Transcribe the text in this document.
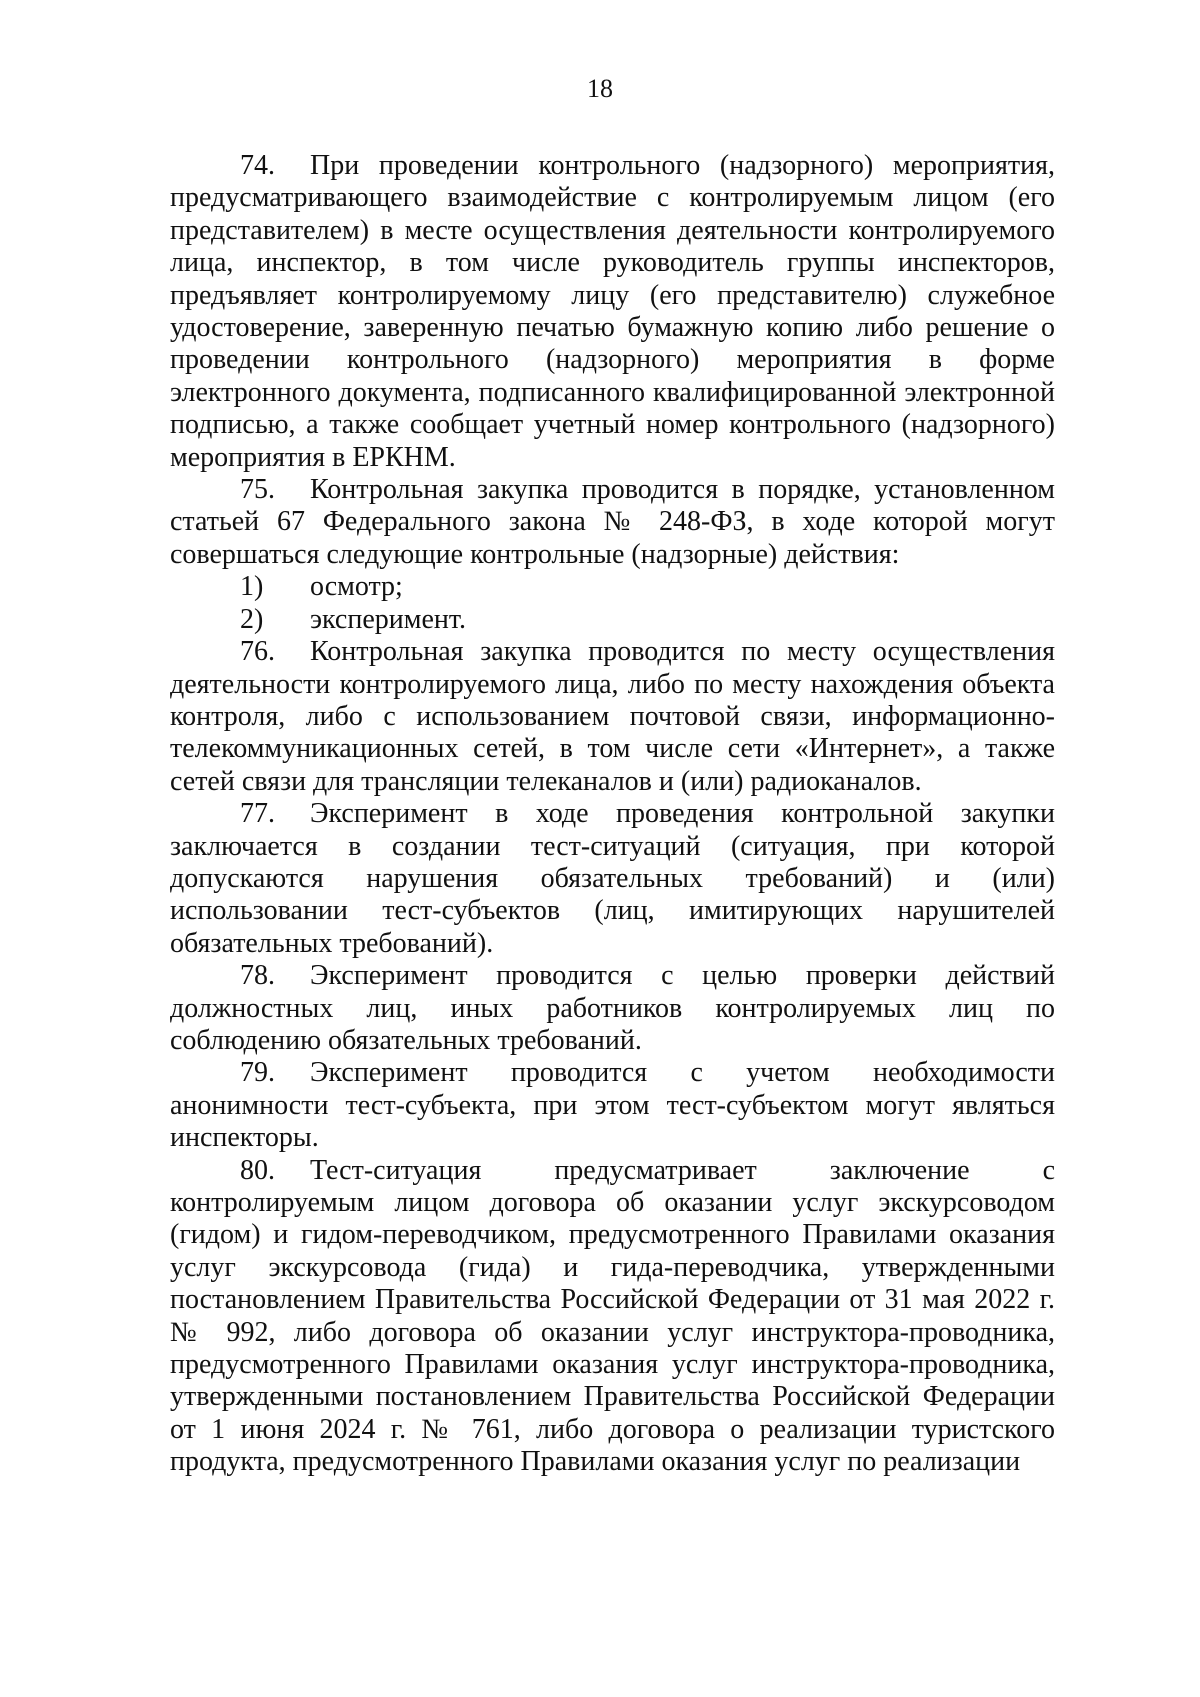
18

74. При проведении контрольного (надзорного) мероприятия, предусматривающего взаимодействие с контролируемым лицом (его представителем) в месте осуществления деятельности контролируемого лица, инспектор, в том числе руководитель группы инспекторов, предъявляет контролируемому лицу (его представителю) служебное удостоверение, заверенную печатью бумажную копию либо решение о проведении контрольного (надзорного) мероприятия в форме электронного документа, подписанного квалифицированной электронной подписью, а также сообщает учетный номер контрольного (надзорного) мероприятия в ЕРКНМ.

75. Контрольная закупка проводится в порядке, установленном статьей 67 Федерального закона № 248-ФЗ, в ходе которой могут совершаться следующие контрольные (надзорные) действия:

1) осмотр;

2) эксперимент.

76. Контрольная закупка проводится по месту осуществления деятельности контролируемого лица, либо по месту нахождения объекта контроля, либо с использованием почтовой связи, информационно-телекоммуникационных сетей, в том числе сети «Интернет», а также сетей связи для трансляции телеканалов и (или) радиоканалов.

77. Эксперимент в ходе проведения контрольной закупки заключается в создании тест-ситуаций (ситуация, при которой допускаются нарушения обязательных требований) и (или) использовании тест-субъектов (лиц, имитирующих нарушителей обязательных требований).

78. Эксперимент проводится с целью проверки действий должностных лиц, иных работников контролируемых лиц по соблюдению обязательных требований.

79. Эксперимент проводится с учетом необходимости анонимности тест-субъекта, при этом тест-субъектом могут являться инспекторы.

80. Тест-ситуация предусматривает заключение с контролируемым лицом договора об оказании услуг экскурсоводом (гидом) и гидом-переводчиком, предусмотренного Правилами оказания услуг экскурсовода (гида) и гида-переводчика, утвержденными постановлением Правительства Российской Федерации от 31 мая 2022 г. № 992, либо договора об оказании услуг инструктора-проводника, предусмотренного Правилами оказания услуг инструктора-проводника, утвержденными постановлением Правительства Российской Федерации от 1 июня 2024 г. № 761, либо договора о реализации туристского продукта, предусмотренного Правилами оказания услуг по реализации
